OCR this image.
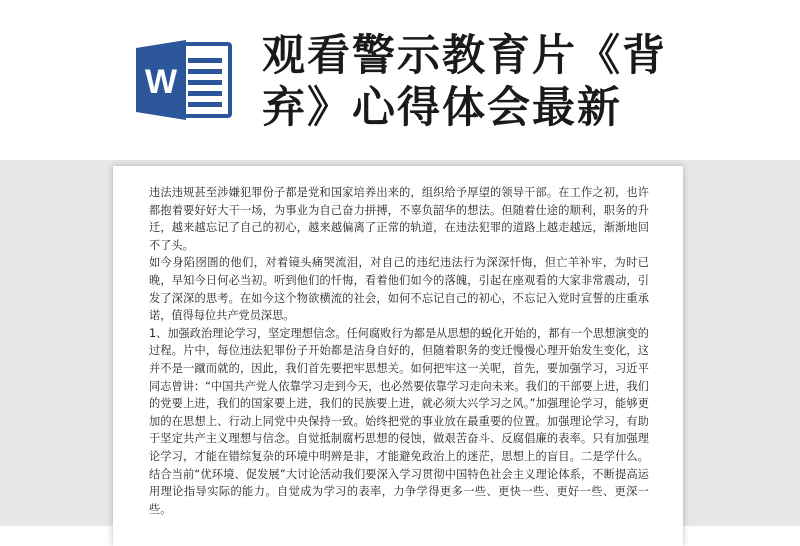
W
观看警示教育片《背弃》心得体会最新

违法违规甚至涉嫌犯罪份子都是党和国家培养出来的，组织给予厚望的领导干部。在工作之初，也许都抱着要好好大干一场，为事业为自己奋力拼搏，不辜负韶华的想法。但随着仕途的顺利，职务的升迁，越来越忘记了自己的初心，越来越偏离了正常的轨道，在违法犯罪的道路上越走越远，渐渐地回不了头。

如今身陷囹圄的他们，对着镜头痛哭流泪，对自己的违纪违法行为深深忏悔，但亡羊补牢，为时已晚，早知今日何必当初。听到他们的忏悔，看着他们如今的落魄，引起在座观看的大家非常震动，引发了深深的思考。在如今这个物欲横流的社会，如何不忘记自己的初心，不忘记入党时宣誓的庄重承诺，值得每位共产党员深思。

1、加强政治理论学习，坚定理想信念。任何腐败行为都是从思想的蜕化开始的，都有一个思想演变的过程。片中，每位违法犯罪份子开始都是洁身自好的，但随着职务的变迁慢慢心理开始发生变化，这并不是一蹴而就的，因此，我们首先要把牢思想关。如何把牢这一关呢，首先，要加强学习，习近平同志曾讲：“中国共产党人依靠学习走到今天，也必然要依靠学习走向未来。我们的干部要上进，我们的党要上进，我们的国家要上进，我们的民族要上进，就必须大兴学习之风。”加强理论学习，能够更加的在思想上、行动上同党中央保持一致。始终把党的事业放在最重要的位置。加强理论学习，有助于坚定共产主义理想与信念。自觉抵制腐朽思想的侵蚀，做艰苦奋斗、反腐倡廉的表率。只有加强理论学习，才能在错综复杂的环境中明辨是非，才能避免政治上的迷茫，思想上的盲目。二是学什么。结合当前“优环境、促发展”大讨论活动我们要深入学习贯彻中国特色社会主义理论体系，不断提高运用理论指导实际的能力。自觉成为学习的表率，力争学得更多一些、更快一些、更好一些、更深一些。
